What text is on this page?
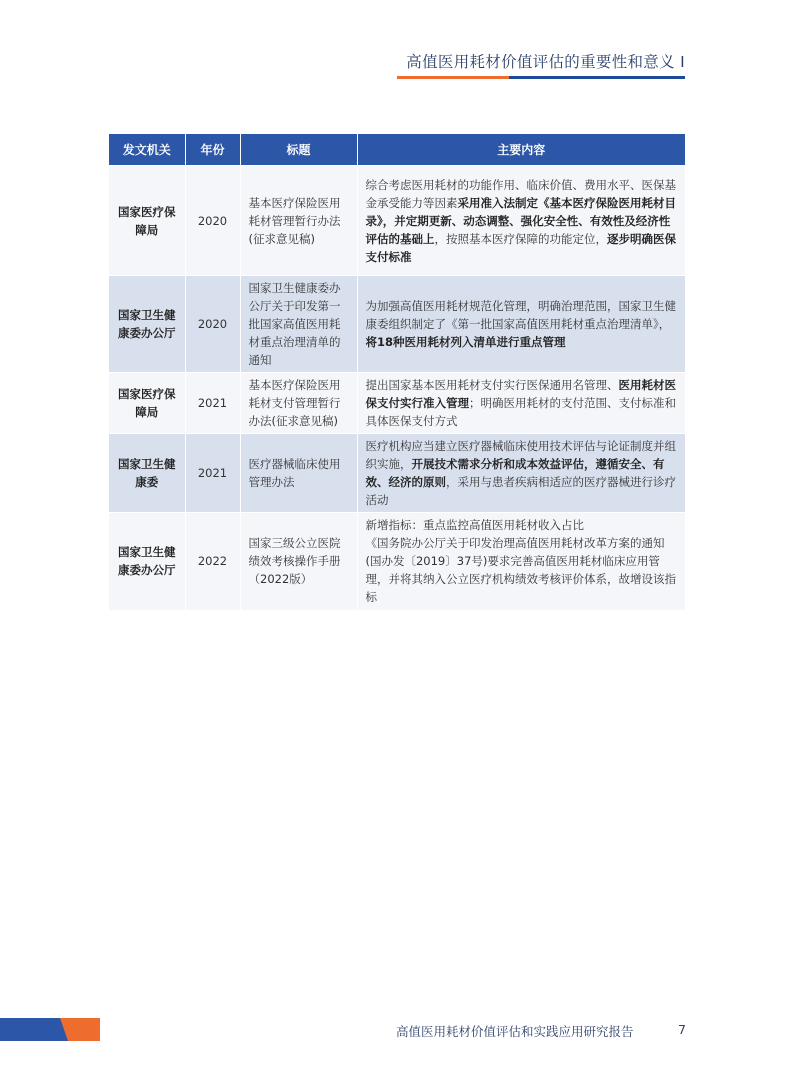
高值医用耗材价值评估的重要性和意义 I
发文机关	年份	标题	主要内容
国家医疗保障局	2020	基本医疗保险医用耗材管理暂行办法(征求意见稿)	综合考虑医用耗材的功能作用、临床价值、费用水平、医保基金承受能力等因素采用准入法制定《基本医疗保险医用耗材目录》，并定期更新、动态调整、强化安全性、有效性及经济性评估的基础上，按照基本医疗保障的功能定位，逐步明确医保支付标准
国家卫生健康委办公厅	2020	国家卫生健康委办公厅关于印发第一批国家高值医用耗材重点治理清单的通知	为加强高值医用耗材规范化管理，明确治理范围，国家卫生健康委组织制定了《第一批国家高值医用耗材重点治理清单》，将18种医用耗材列入清单进行重点管理
国家医疗保障局	2021	基本医疗保险医用耗材支付管理暂行办法(征求意见稿)	提出国家基本医用耗材支付实行医保通用名管理、医用耗材医保支付实行准入管理；明确医用耗材的支付范围、支付标准和具体医保支付方式
国家卫生健康委	2021	医疗器械临床使用管理办法	医疗机构应当建立医疗器械临床使用技术评估与论证制度并组织实施，开展技术需求分析和成本效益评估，遵循安全、有效、经济的原则，采用与患者疾病相适应的医疗器械进行诊疗活动
国家卫生健康委办公厅	2022	国家三级公立医院绩效考核操作手册（2022版）	新增指标：重点监控高值医用耗材收入占比
《国务院办公厅关于印发治理高值医用耗材改革方案的通知(国办发〔2019〕37号)要求完善高值医用耗材临床应用管理，并将其纳入公立医疗机构绩效考核评价体系，故增设该指标
高值医用耗材价值评估和实践应用研究报告	7
